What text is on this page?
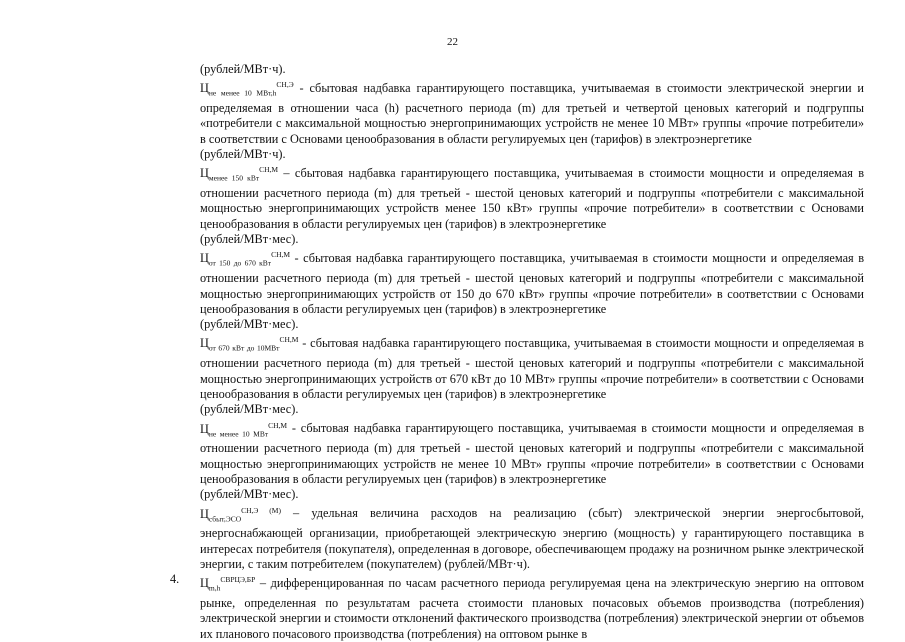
22

(рублей/МВт·ч).

$Ц_{не менее 10 МВт,h}^{СН,Э}$ - сбытовая надбавка гарантирующего поставщика, учитываемая в стоимости электрической энергии и определяемая в отношении часа (h) расчетного периода (m) для третьей и четвертой ценовых категорий и подгруппы «потребители с максимальной мощностью энергопринимающих устройств не менее 10 МВт» группы «прочие потребители» в соответствии с Основами ценообразования в области регулируемых цен (тарифов) в электроэнергетике

(рублей/МВт·ч).

$Ц_{менее 150 кВт}^{СН,М}$ – сбытовая надбавка гарантирующего поставщика, учитываемая в стоимости мощности и определяемая в отношении расчетного периода (m) для третьей - шестой ценовых категорий и подгруппы «потребители с максимальной мощностью энергопринимающих устройств менее 150 кВт» группы «прочие потребители» в соответствии с Основами ценообразования в области регулируемых цен (тарифов) в электроэнергетике

(рублей/МВт·мес).

$Ц_{от 150 до 670 кВт}^{СН,М}$ - сбытовая надбавка гарантирующего поставщика, учитываемая в стоимости мощности и определяемая в отношении расчетного периода (m) для третьей - шестой ценовых категорий и подгруппы «потребители с максимальной мощностью энергопринимающих устройств от 150 до 670 кВт» группы «прочие потребители» в соответствии с Основами ценообразования в области регулируемых цен (тарифов) в электроэнергетике

(рублей/МВт·мес).

$Ц_{от 670 кВт до 10МВт}^{СН,М}$ - сбытовая надбавка гарантирующего поставщика, учитываемая в стоимости мощности и определяемая в отношении расчетного периода (m) для третьей - шестой ценовых категорий и подгруппы «потребители с максимальной мощностью энергопринимающих устройств от 670 кВт до 10 МВт» группы «прочие потребители» в соответствии с Основами ценообразования в области регулируемых цен (тарифов) в электроэнергетике

(рублей/МВт·мес).

$Ц_{не менее 10 МВт}^{СН,М}$ - сбытовая надбавка гарантирующего поставщика, учитываемая в стоимости мощности и определяемая в отношении расчетного периода (m) для третьей - шестой ценовых категорий и подгруппы «потребители с максимальной мощностью энергопринимающих устройств не менее 10 МВт» группы «прочие потребители» в соответствии с Основами ценообразования в области регулируемых цен (тарифов) в электроэнергетике

(рублей/МВт·мес).

$Ц_{сбыт,ЭСО}^{СН,Э (М)}$ – удельная величина расходов на реализацию (сбыт) электрической энергии энергосбытовой, энергоснабжающей организации, приобретающей электрическую энергию (мощность) у гарантирующего поставщика в интересах потребителя (покупателя), определенная в договоре, обеспечивающем продажу на розничном рынке электрической энергии, с таким потребителем (покупателем) (рублей/МВт·ч).

4. $Ц_{m,h}^{СВРЦЭ,БР}$ – дифференцированная по часам расчетного периода регулируемая цена на электрическую энергию на оптовом рынке, определенная по результатам расчета стоимости плановых почасовых объемов производства (потребления) электрической энергии и стоимости отклонений фактического производства (потребления) электрической энергии от объемов их планового почасового производства (потребления) на оптовом рынке в
